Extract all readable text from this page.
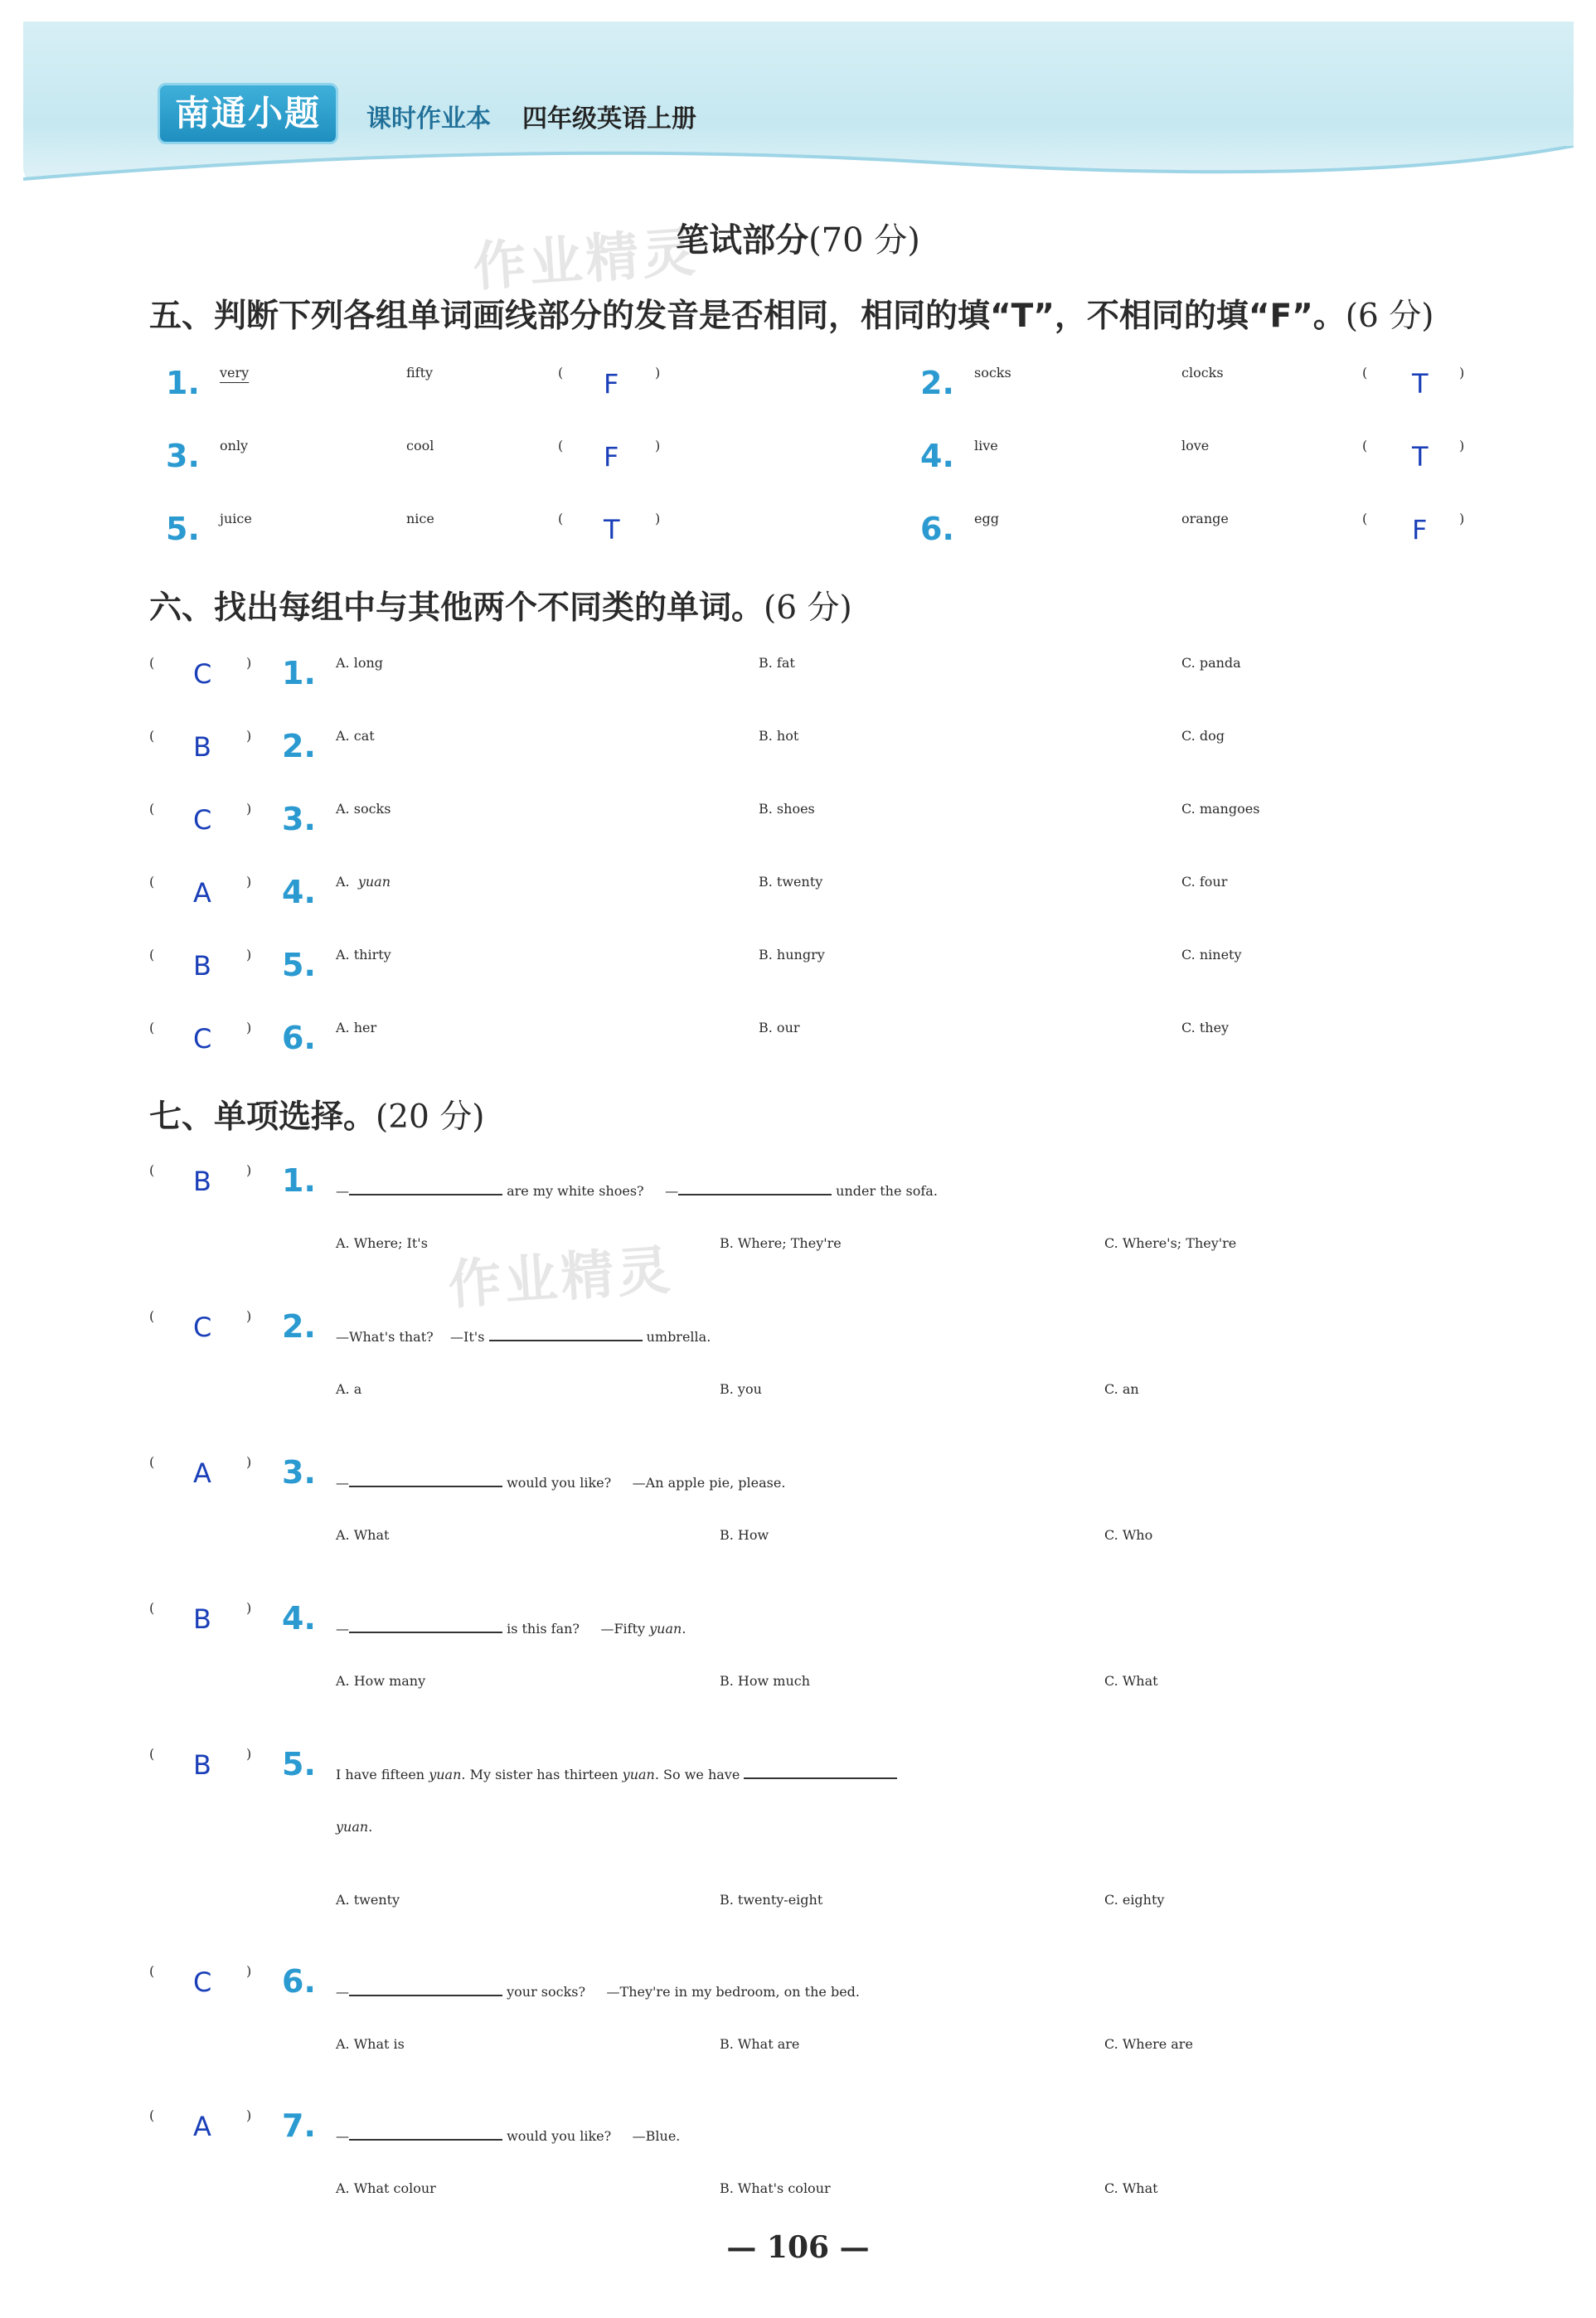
南通小题	课时作业本 四年级英语上册
作业精灵
作业精灵
笔试部分(70 分)
五、判断下列各组单词画线部分的发音是否相同，相同的填“T”，不相同的填“F”。(6 分)
1. very	fifty	( F	)	2. socks	clocks	( T )
3. only	cool	( F	)	4. live	love	( T )
5. juice	nice	( T	)	6. egg	orange	( F )
六、找出每组中与其他两个不同类的单词。(6 分)
( C	) 1. A. long	B. fat	C. panda
( B	) 2. A. cat	B. hot	C. dog
( C	) 3. A. socks	B. shoes	C. mangoes
( A	) 4. A. yuan	B. twenty	C. four
( B	) 5. A. thirty	B. hungry	C. ninety
( C	) 6. A. her	B. our	C. they
七、单项选择。(20 分)
( B	) 1. —	are my white shoes? —	under the sofa.
A. Where; It's	B. Where; They're	C. Where's; They're
( C	) 2. —What's that? —It's	umbrella.
A. a	B. you	C. an
( A	) 3. —	would you like? —An apple pie, please.
A. What	B. How	C. Who
( B	) 4. —	is this fan? —Fifty yuan.
A. How many	B. How much	C. What
( B	) 5. I have fifteen yuan. My sister has thirteen yuan. So we have
yuan.
A. twenty	B. twenty-eight	C. eighty
( C	) 6. —	your socks? —They're in my bedroom, on the bed.
A. What is	B. What are	C. Where are
( A	) 7. —	would you like? —Blue.
A. What colour	B. What's colour	C. What
— 106 —
